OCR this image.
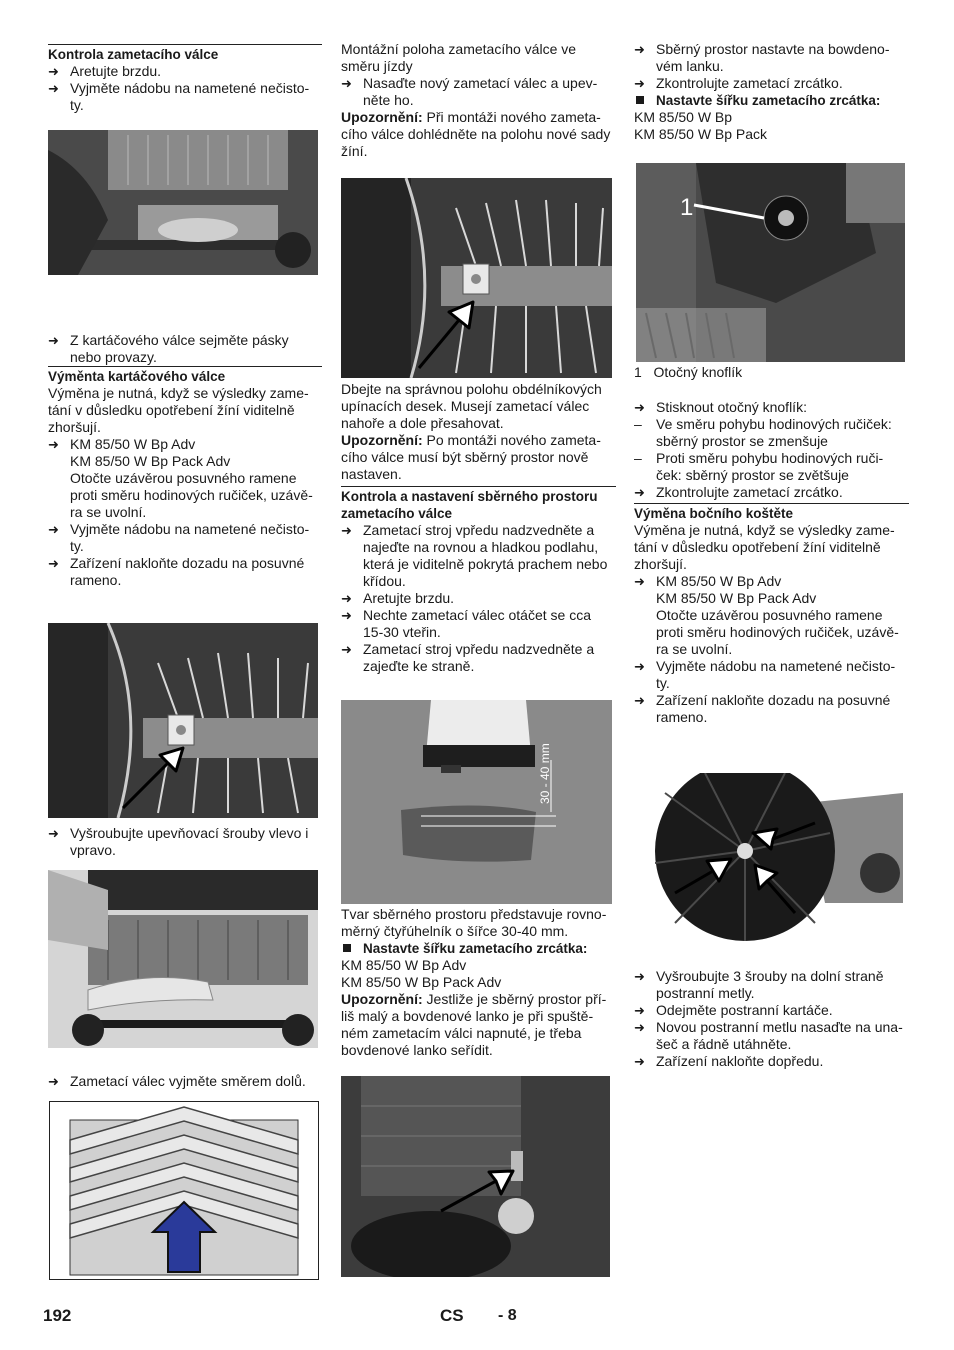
Kontrola zametacího válce
➜ Aretujte brzdu.
➜ Vyjměte nádobu na nametené nečisto-
ty.
➜ Z kartáčového válce sejměte pásky
nebo provazy.
Výměnta kartáčového válce
Výměna je nutná, když se výsledky zame-
tání v důsledku opotřebení žíní viditelně
zhoršují.
➜ KM 85/50 W Bp Adv
KM 85/50 W Bp Pack Adv
Otočte uzávěrou posuvného ramene
proti směru hodinových ručiček, uzávě-
ra se uvolní.
➜ Vyjměte nádobu na nametené nečisto-
ty.
➜ Zařízení nakloňte dozadu na posuvné
rameno.
➜ Vyšroubujte upevňovací šrouby vlevo i
vpravo.
➜ Zametací válec vyjměte směrem dolů.
Montážní poloha zametacího válce ve
směru jízdy
➜ Nasaďte nový zametací válec a upev-
něte ho.
Upozornění: Při montáži nového zameta-
cího válce dohlédněte na polohu nové sady
žíní.
Dbejte na správnou polohu obdélníkových
upínacích desek. Musejí zametací válec
nahoře a dole přesahovat.
Upozornění: Po montáži nového zameta-
cího válce musí být sběrný prostor nově
nastaven.
Kontrola a nastavení sběrného prostoru
zametacího válce
➜ Zametací stroj vpředu nadzvedněte a
najeďte na rovnou a hladkou podlahu,
která je viditelně pokrytá prachem nebo
křídou.
➜ Aretujte brzdu.
➜ Nechte zametací válec otáčet se cca
15-30 vteřin.
➜ Zametací stroj vpředu nadzvedněte a
zajeďte ke straně.
30 - 40 mm
Tvar sběrného prostoru představuje rovno-
měrný čtyřúhelník o šířce 30-40 mm.
Nastavte šířku zametacího zrcátka:
KM 85/50 W Bp Adv
KM 85/50 W Bp Pack Adv
Upozornění: Jestliže je sběrný prostor pří-
liš malý a bovdenové lanko je při spuště-
ném zametacím válci napnuté, je třeba
bovdenové lanko seřídit.
➜ Sběrný prostor nastavte na bowdeno-
vém lanku.
➜ Zkontrolujte zametací zrcátko.
Nastavte šířku zametacího zrcátka:
KM 85/50 W Bp
KM 85/50 W Bp Pack
1
1   Otočný knoflík
➜ Stisknout otočný knoflík:
– Ve směru pohybu hodinových ručiček:
sběrný prostor se zmenšuje
– Proti směru pohybu hodinových ruči-
ček: sběrný prostor se zvětšuje
➜ Zkontrolujte zametací zrcátko.
Výměna bočního koštěte
Výměna je nutná, když se výsledky zame-
tání v důsledku opotřebení žíní viditelně
zhoršují.
➜ KM 85/50 W Bp Adv
KM 85/50 W Bp Pack Adv
Otočte uzávěrou posuvného ramene
proti směru hodinových ručiček, uzávě-
ra se uvolní.
➜ Vyjměte nádobu na nametené nečisto-
ty.
➜ Zařízení nakloňte dozadu na posuvné
rameno.
➜ Vyšroubujte 3 šrouby na dolní straně
postranní metly.
➜ Odejměte postranní kartáče.
➜ Novou postranní metlu nasaďte na una-
šeč a řádně utáhněte.
➜ Zařízení nakloňte dopředu.
192	CS - 8
